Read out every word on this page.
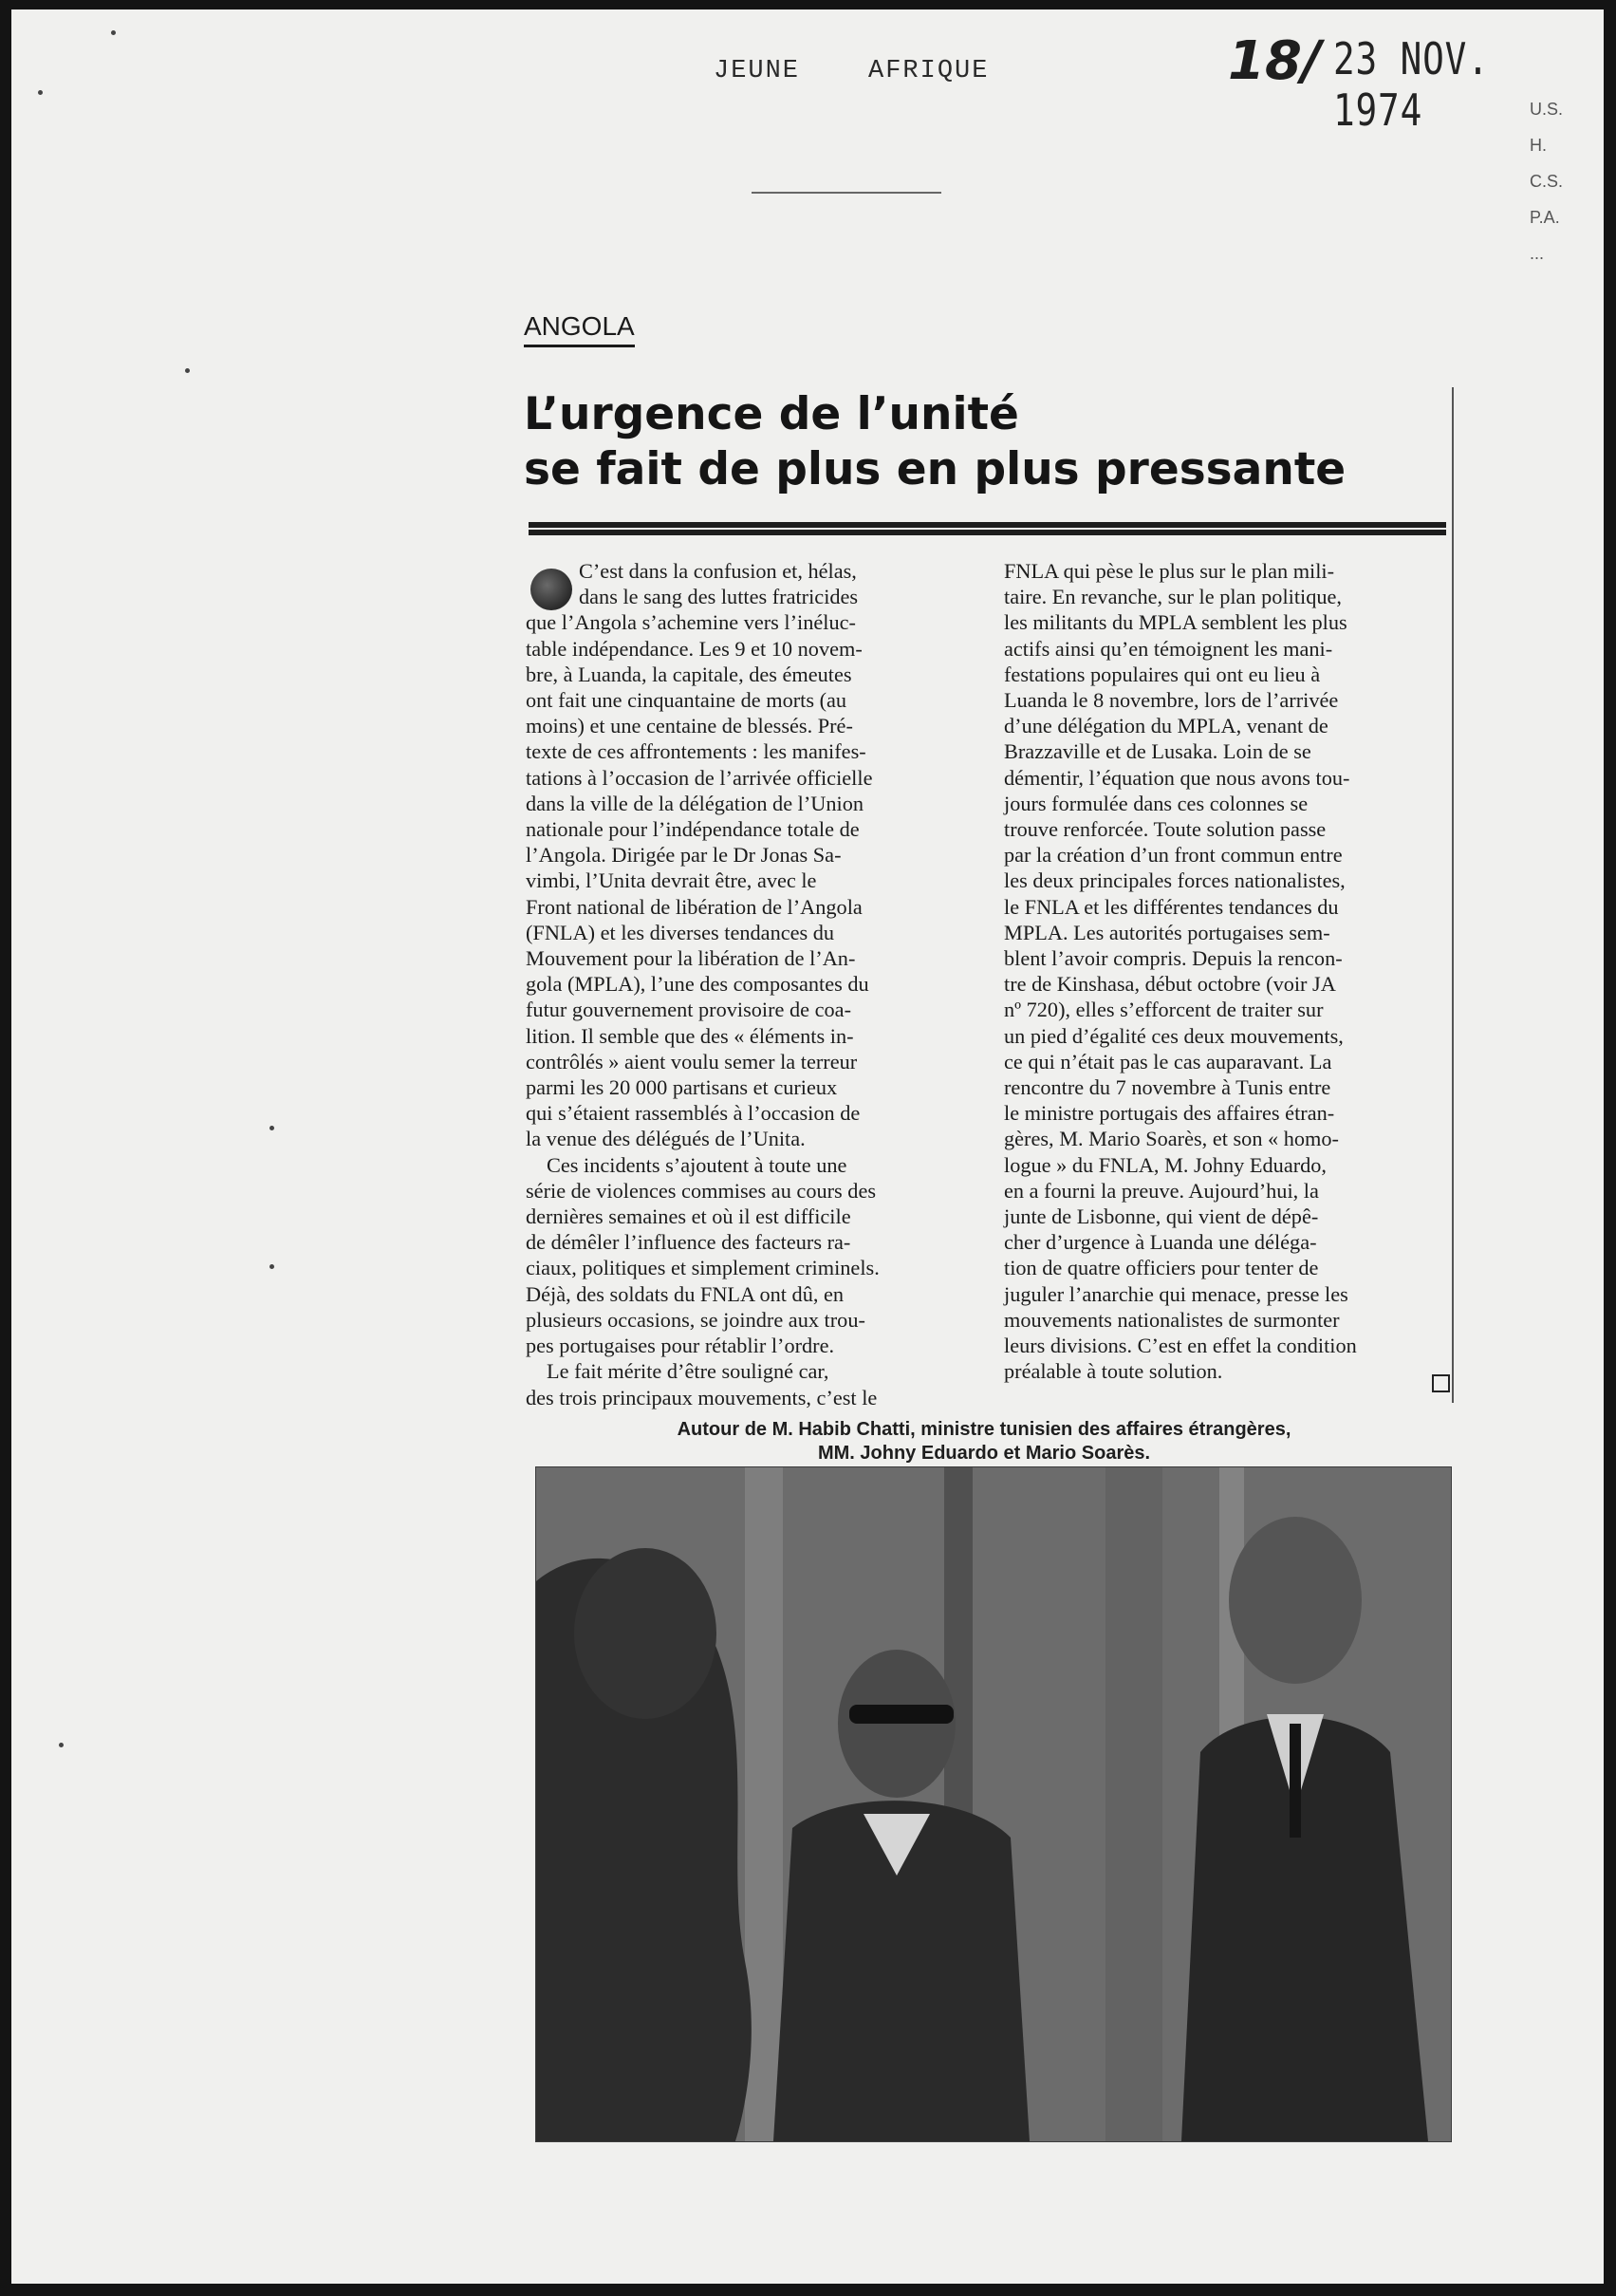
JEUNE	AFRIQUE	18/ 23 NOV. 1974	U.S.
H.
C.S.
P.A.
...
ANGOLA
L’urgence de l’unité
se fait de plus en plus pressante
C’est dans la confusion et, hélas,
dans le sang des luttes fratricides
que l’Angola s’achemine vers l’inéluc-
table indépendance. Les 9 et 10 novem-
bre, à Luanda, la capitale, des émeutes
ont fait une cinquantaine de morts (au
moins) et une centaine de blessés. Pré-
texte de ces affrontements : les manifes-
tations à l’occasion de l’arrivée officielle
dans la ville de la délégation de l’Union
nationale pour l’indépendance totale de
l’Angola. Dirigée par le Dr Jonas Sa-
vimbi, l’Unita devrait être, avec le
Front national de libération de l’Angola
(FNLA) et les diverses tendances du
Mouvement pour la libération de l’An-
gola (MPLA), l’une des composantes du
futur gouvernement provisoire de coa-
lition. Il semble que des « éléments in-
contrôlés » aient voulu semer la terreur
parmi les 20 000 partisans et curieux
qui s’étaient rassemblés à l’occasion de
la venue des délégués de l’Unita.
Ces incidents s’ajoutent à toute une
série de violences commises au cours des
dernières semaines et où il est difficile
de démêler l’influence des facteurs ra-
ciaux, politiques et simplement criminels.
Déjà, des soldats du FNLA ont dû, en
plusieurs occasions, se joindre aux trou-
pes portugaises pour rétablir l’ordre.
Le fait mérite d’être souligné car,
des trois principaux mouvements, c’est le
FNLA qui pèse le plus sur le plan mili-
taire. En revanche, sur le plan politique,
les militants du MPLA semblent les plus
actifs ainsi qu’en témoignent les mani-
festations populaires qui ont eu lieu à
Luanda le 8 novembre, lors de l’arrivée
d’une délégation du MPLA, venant de
Brazzaville et de Lusaka. Loin de se
démentir, l’équation que nous avons tou-
jours formulée dans ces colonnes se
trouve renforcée. Toute solution passe
par la création d’un front commun entre
les deux principales forces nationalistes,
le FNLA et les différentes tendances du
MPLA. Les autorités portugaises sem-
blent l’avoir compris. Depuis la rencon-
tre de Kinshasa, début octobre (voir JA
nº 720), elles s’efforcent de traiter sur
un pied d’égalité ces deux mouvements,
ce qui n’était pas le cas auparavant. La
rencontre du 7 novembre à Tunis entre
le ministre portugais des affaires étran-
gères, M. Mario Soarès, et son « homo-
logue » du FNLA, M. Johny Eduardo,
en a fourni la preuve. Aujourd’hui, la
junte de Lisbonne, qui vient de dépê-
cher d’urgence à Luanda une déléga-
tion de quatre officiers pour tenter de
juguler l’anarchie qui menace, presse les
mouvements nationalistes de surmonter
leurs divisions. C’est en effet la condition
préalable à toute solution.
Autour de M. Habib Chatti, ministre tunisien des affaires étrangères,
MM. Johny Eduardo et Mario Soarès.
